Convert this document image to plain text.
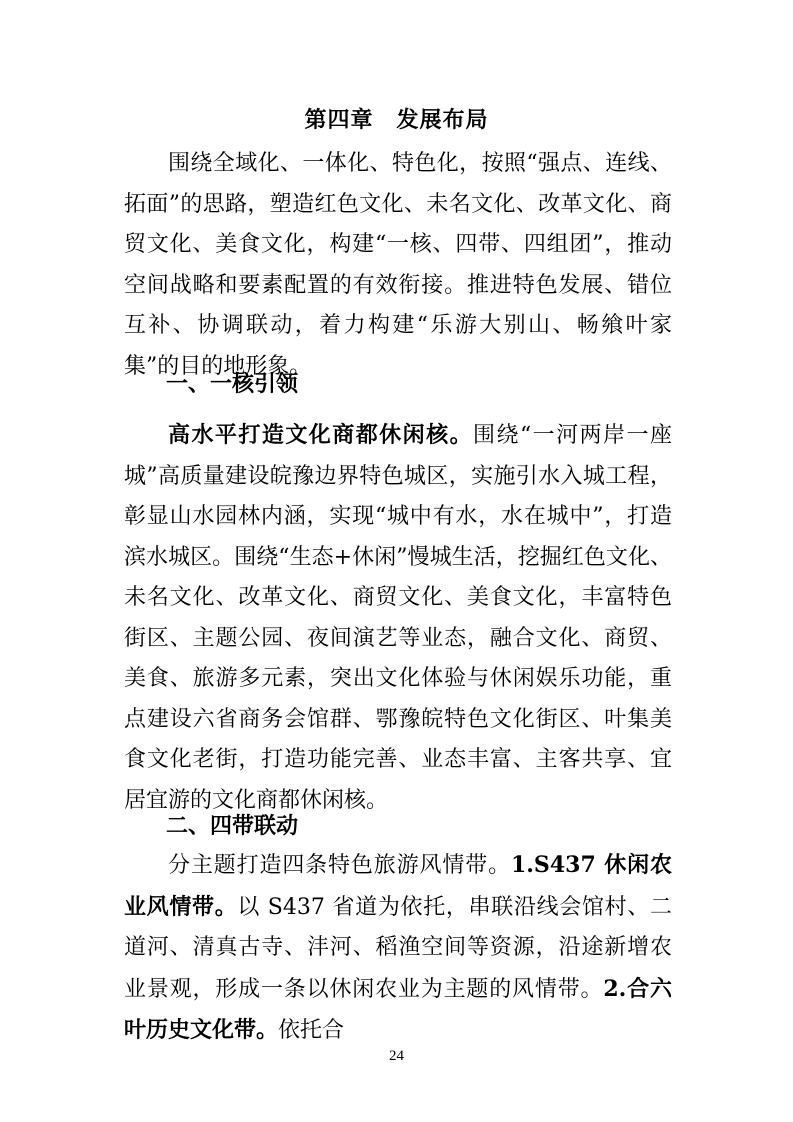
第四章　发展布局
围绕全域化、一体化、特色化，按照“强点、连线、拓面”的思路，塑造红色文化、未名文化、改革文化、商贸文化、美食文化，构建“一核、四带、四组团”，推动空间战略和要素配置的有效衔接。推进特色发展、错位互补、协调联动，着力构建“乐游大别山、畅飨叶家集”的目的地形象。
一、一核引领
高水平打造文化商都休闲核。围绕“一河两岸一座城”高质量建设皖豫边界特色城区，实施引水入城工程，彰显山水园林内涵，实现“城中有水，水在城中”，打造滨水城区。围绕“生态+休闲”慢城生活，挖掘红色文化、未名文化、改革文化、商贸文化、美食文化，丰富特色街区、主题公园、夜间演艺等业态，融合文化、商贸、美食、旅游多元素，突出文化体验与休闲娱乐功能，重点建设六省商务会馆群、鄂豫皖特色文化街区、叶集美食文化老街，打造功能完善、业态丰富、主客共享、宜居宜游的文化商都休闲核。
二、四带联动
分主题打造四条特色旅游风情带。1.S437 休闲农业风情带。以 S437 省道为依托，串联沿线会馆村、二道河、清真古寺、沣河、稻渔空间等资源，沿途新增农业景观，形成一条以休闲农业为主题的风情带。2.合六叶历史文化带。依托合
24
